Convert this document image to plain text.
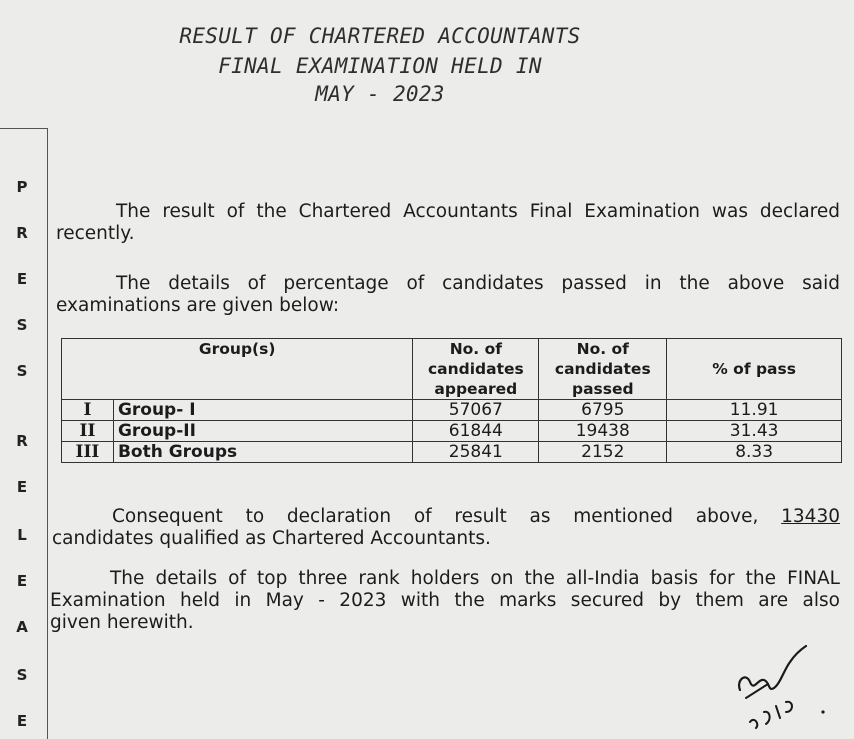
RESULT OF CHARTERED ACCOUNTANTS
FINAL EXAMINATION HELD IN
MAY - 2023
P
R
E
S
S
R
E
L
E
A
S
E
The result of the Chartered Accountants Final Examination was declared
recently.
The details of percentage of candidates passed in the above said
examinations are given below:
Group(s)		No. of candidates appeared	No. of candidates passed	% of pass
I	Group- I	57067	6795	11.91
II	Group-II	61844	19438	31.43
III	Both Groups	25841	2152	8.33
Consequent to declaration of result as mentioned above, 13430
candidates qualified as Chartered Accountants.
The details of top three rank holders on the all-India basis for the FINAL
Examination held in May - 2023 with the marks secured by them are also
given herewith.
